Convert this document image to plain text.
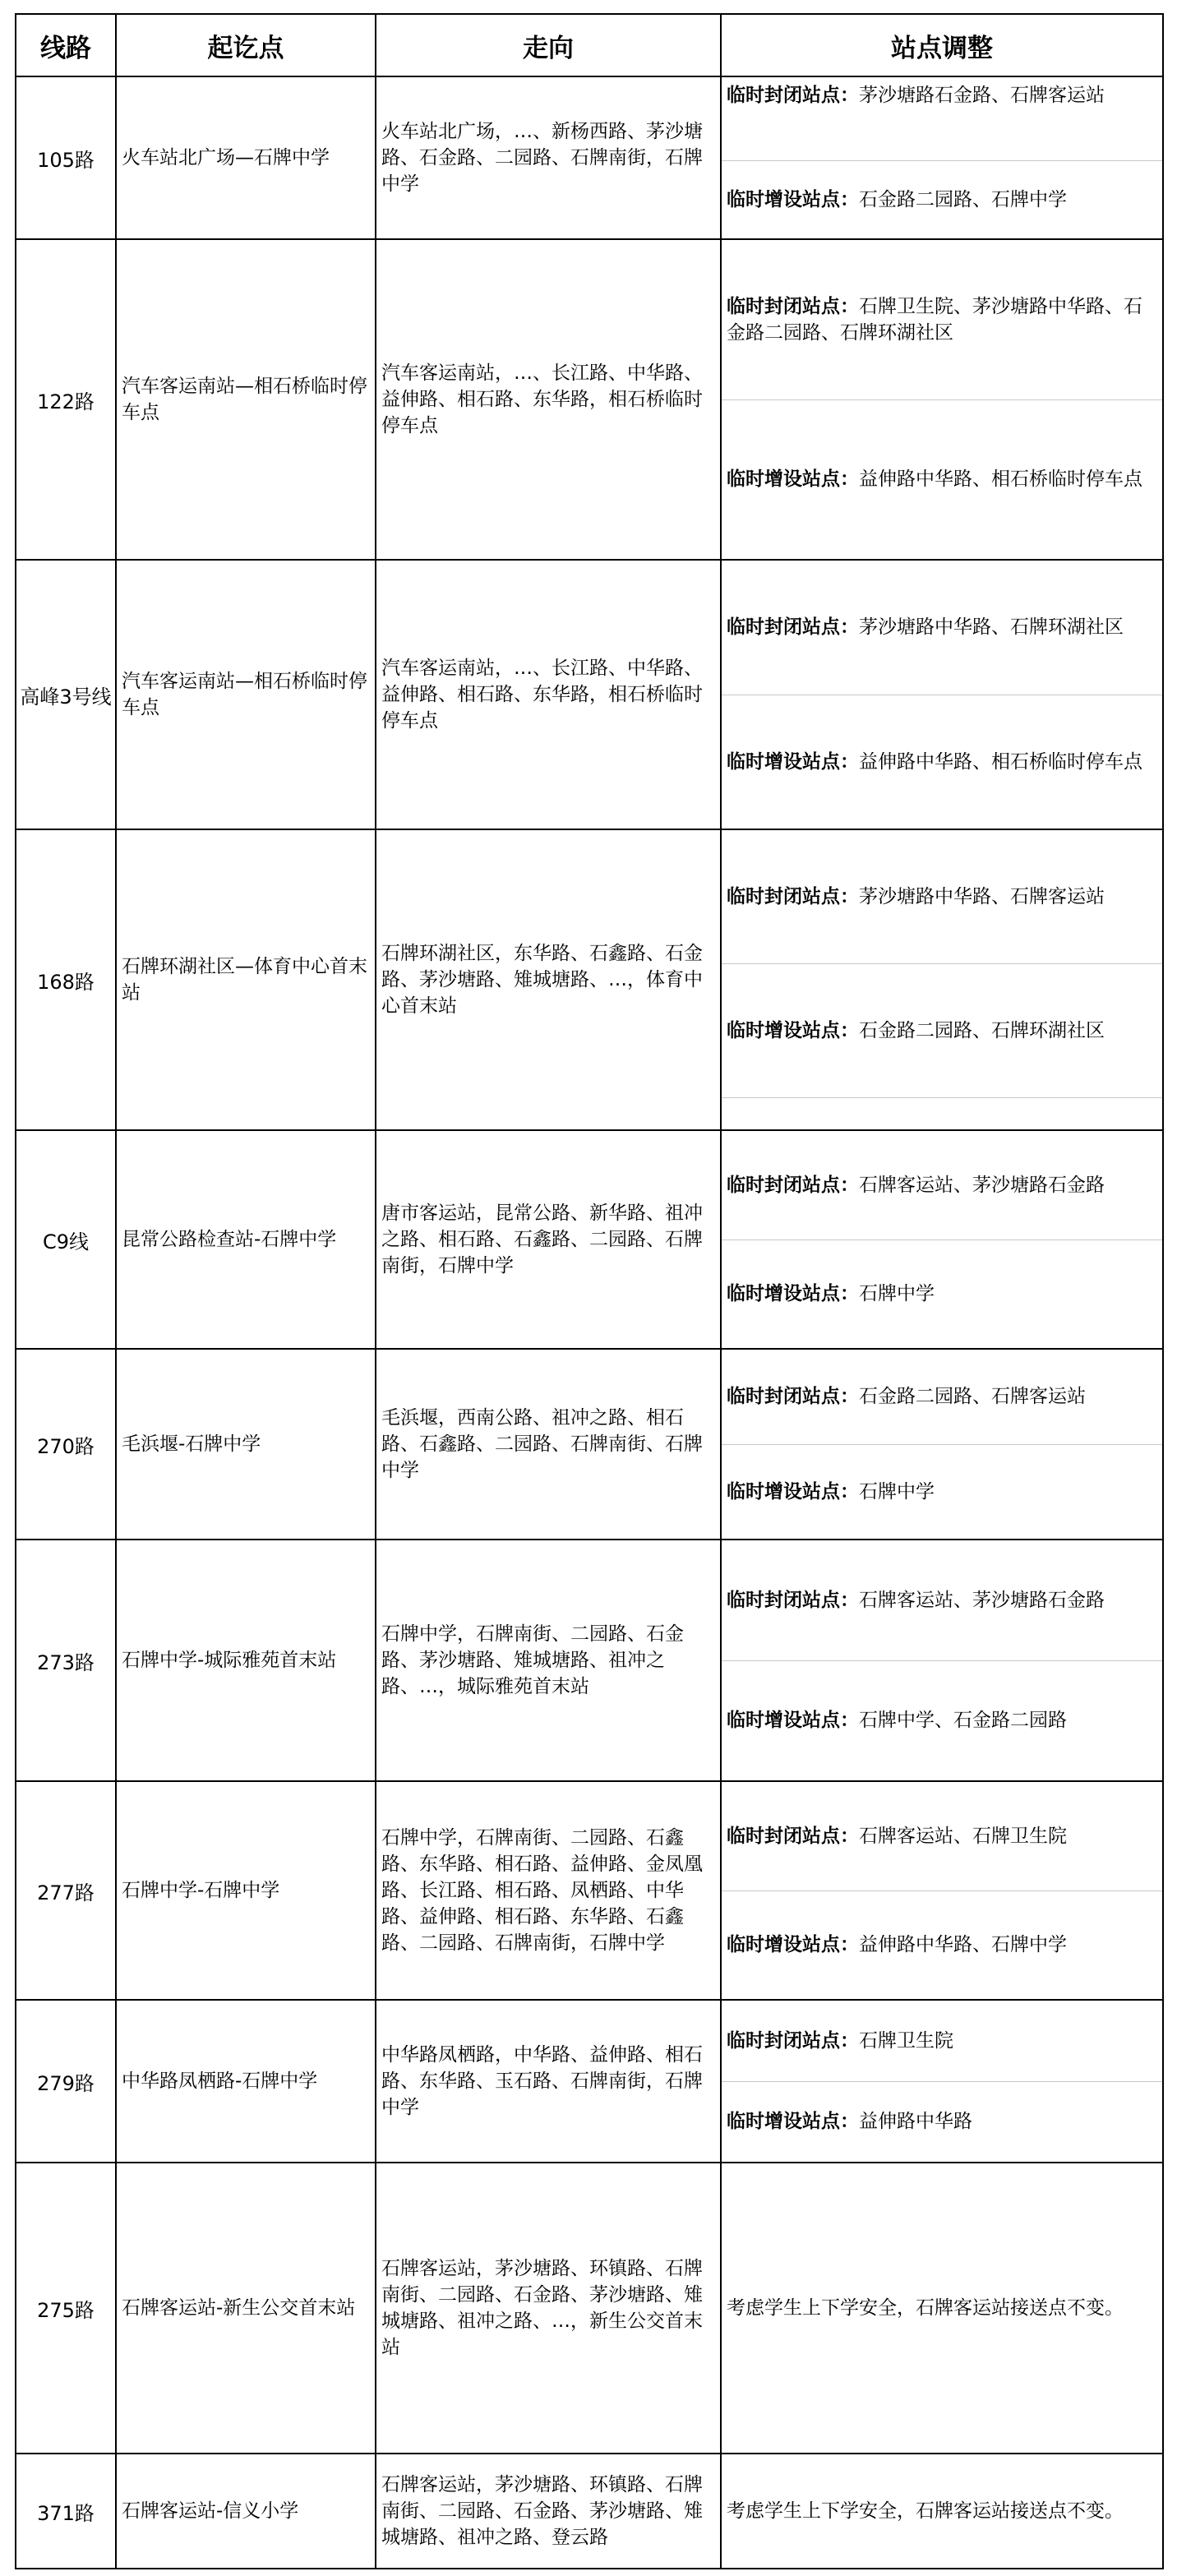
线路	起讫点	走向	站点调整
105路	火车站北广场—石牌中学	火车站北广场，…、新杨西路、茅沙塘路、石金路、二园路、石牌南街，石牌中学	临时封闭站点：茅沙塘路石金路、石牌客运站
临时增设站点：石金路二园路、石牌中学

122路	汽车客运南站—相石桥临时停车点	汽车客运南站，…、长江路、中华路、益伸路、相石路、东华路，相石桥临时停车点	临时封闭站点：石牌卫生院、茅沙塘路中华路、石金路二园路、石牌环湖社区
临时增设站点：益伸路中华路、相石桥临时停车点

高峰3号线	汽车客运南站—相石桥临时停车点	汽车客运南站，…、长江路、中华路、益伸路、相石路、东华路，相石桥临时停车点	临时封闭站点：茅沙塘路中华路、石牌环湖社区
临时增设站点：益伸路中华路、相石桥临时停车点

168路	石牌环湖社区—体育中心首末站	石牌环湖社区，东华路、石鑫路、石金路、茅沙塘路、雉城塘路、…，体育中心首末站	临时封闭站点：茅沙塘路中华路、石牌客运站
临时增设站点：石金路二园路、石牌环湖社区

C9线	昆常公路检查站-石牌中学	唐市客运站，昆常公路、新华路、祖冲之路、相石路、石鑫路、二园路、石牌南街，石牌中学	临时封闭站点：石牌客运站、茅沙塘路石金路
临时增设站点：石牌中学

270路	毛浜堰-石牌中学	毛浜堰，西南公路、祖冲之路、相石路、石鑫路、二园路、石牌南街、石牌中学	临时封闭站点：石金路二园路、石牌客运站
临时增设站点：石牌中学

273路	石牌中学-城际雅苑首末站	石牌中学，石牌南街、二园路、石金路、茅沙塘路、雉城塘路、祖冲之路、…，城际雅苑首末站	临时封闭站点：石牌客运站、茅沙塘路石金路
临时增设站点：石牌中学、石金路二园路

277路	石牌中学-石牌中学	石牌中学，石牌南街、二园路、石鑫路、东华路、相石路、益伸路、金凤凰路、长江路、相石路、凤栖路、中华路、益伸路、相石路、东华路、石鑫路、二园路、石牌南街，石牌中学	临时封闭站点：石牌客运站、石牌卫生院
临时增设站点：益伸路中华路、石牌中学

279路	中华路凤栖路-石牌中学	中华路凤栖路，中华路、益伸路、相石路、东华路、玉石路、石牌南街，石牌中学	临时封闭站点：石牌卫生院
临时增设站点：益伸路中华路

275路	石牌客运站-新生公交首末站	石牌客运站，茅沙塘路、环镇路、石牌南街、二园路、石金路、茅沙塘路、雉城塘路、祖冲之路、…，新生公交首末站	考虑学生上下学安全，石牌客运站接送点不变。

371路	石牌客运站-信义小学	石牌客运站，茅沙塘路、环镇路、石牌南街、二园路、石金路、茅沙塘路、雉城塘路、祖冲之路、登云路	考虑学生上下学安全，石牌客运站接送点不变。
